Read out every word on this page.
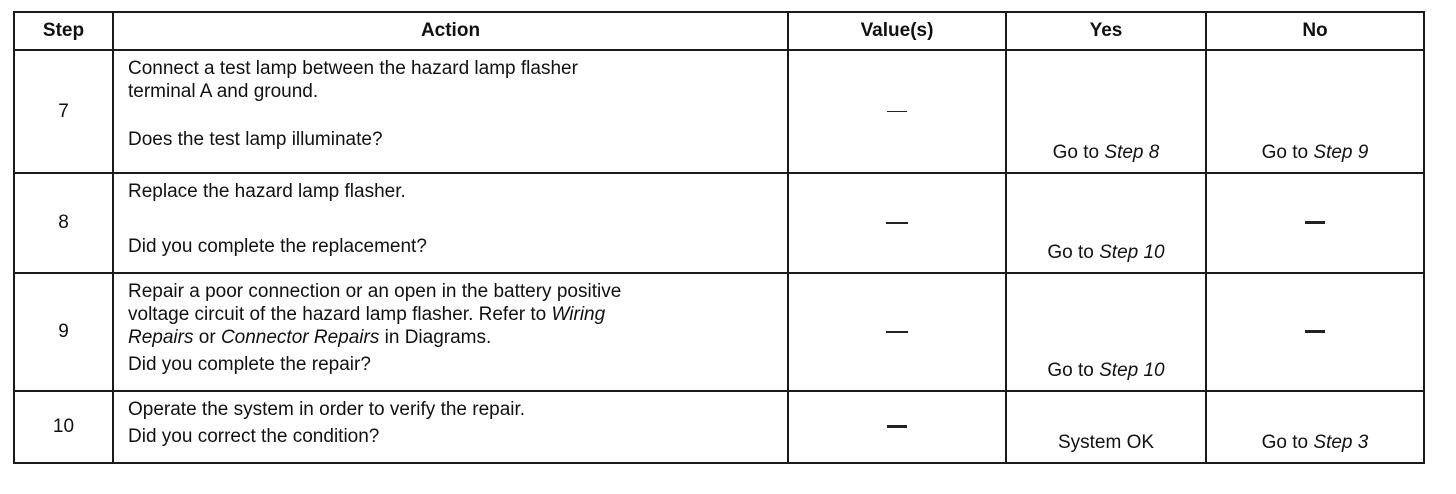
Step	Action	Value(s)	Yes	No
7	Connect a test lamp between the hazard lamp flasher
terminal A and ground.
Does the test lamp illuminate?		Go to Step 8	Go to Step 9
8	Replace the hazard lamp flasher.
Did you complete the replacement?		Go to Step 10	
9	Repair a poor connection or an open in the battery positive
voltage circuit of the hazard lamp flasher. Refer to Wiring
Repairs or Connector Repairs in Diagrams.
Did you complete the repair?		Go to Step 10	
10	Operate the system in order to verify the repair.
Did you correct the condition?		System OK	Go to Step 3
